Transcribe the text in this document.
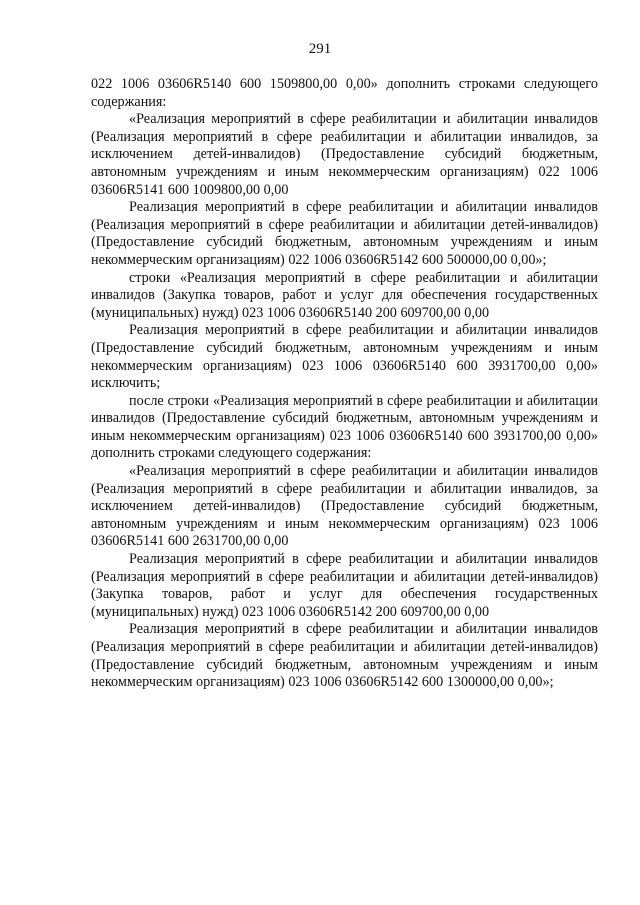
291

022 1006 03606R5140 600 1509800,00 0,00» дополнить строками следующего содержания:

«Реализация мероприятий в сфере реабилитации и абилитации инвалидов (Реализация мероприятий в сфере реабилитации и абилитации инвалидов, за исключением детей-инвалидов) (Предоставление субсидий бюджетным, автономным учреждениям и иным некоммерческим организациям) 022 1006 03606R5141 600 1009800,00 0,00

Реализация мероприятий в сфере реабилитации и абилитации инвалидов (Реализация мероприятий в сфере реабилитации и абилитации детей-инвалидов) (Предоставление субсидий бюджетным, автономным учреждениям и иным некоммерческим организациям) 022 1006 03606R5142 600 500000,00 0,00»;

строки «Реализация мероприятий в сфере реабилитации и абилитации инвалидов (Закупка товаров, работ и услуг для обеспечения государственных (муниципальных) нужд) 023 1006 03606R5140 200 609700,00 0,00

Реализация мероприятий в сфере реабилитации и абилитации инвалидов (Предоставление субсидий бюджетным, автономным учреждениям и иным некоммерческим организациям) 023 1006 03606R5140 600 3931700,00 0,00» исключить;

после строки «Реализация мероприятий в сфере реабилитации и абилитации инвалидов (Предоставление субсидий бюджетным, автономным учреждениям и иным некоммерческим организациям) 023 1006 03606R5140 600 3931700,00 0,00» дополнить строками следующего содержания:

«Реализация мероприятий в сфере реабилитации и абилитации инвалидов (Реализация мероприятий в сфере реабилитации и абилитации инвалидов, за исключением детей-инвалидов) (Предоставление субсидий бюджетным, автономным учреждениям и иным некоммерческим организациям) 023 1006 03606R5141 600 2631700,00 0,00

Реализация мероприятий в сфере реабилитации и абилитации инвалидов (Реализация мероприятий в сфере реабилитации и абилитации детей-инвалидов) (Закупка товаров, работ и услуг для обеспечения государственных (муниципальных) нужд) 023 1006 03606R5142 200 609700,00 0,00

Реализация мероприятий в сфере реабилитации и абилитации инвалидов (Реализация мероприятий в сфере реабилитации и абилитации детей-инвалидов) (Предоставление субсидий бюджетным, автономным учреждениям и иным некоммерческим организациям) 023 1006 03606R5142 600 1300000,00 0,00»;
